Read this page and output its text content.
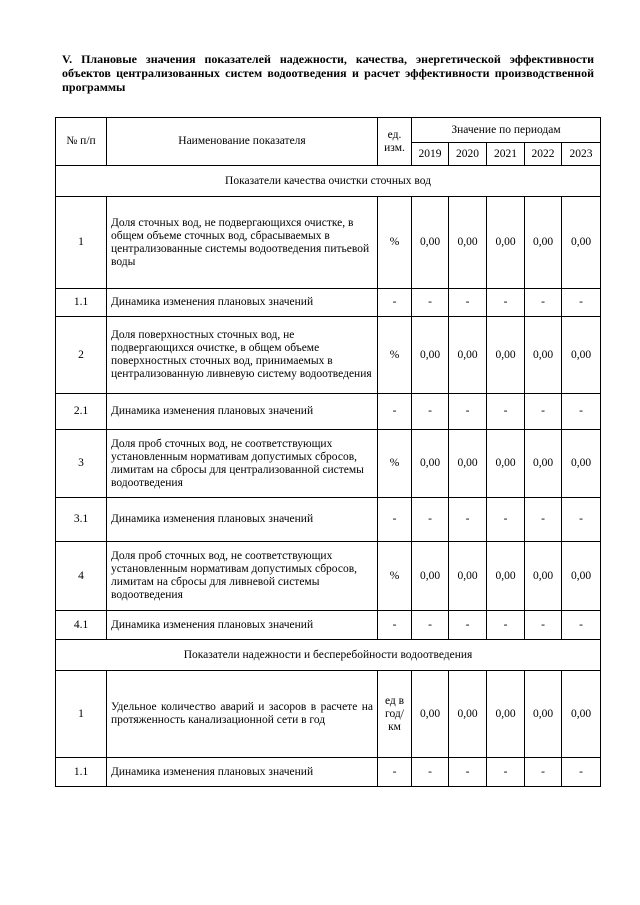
V. Плановые значения показателей надежности, качества, энергетической эффективности объектов централизованных систем водоотведения и расчет эффективности производственной программы
№ п/п	Наименование показателя	ед. изм.	Значение по периодам				
			2019	2020	2021	2022	2023
Показатели качества очистки сточных вод							
1	Доля сточных вод, не подвергающихся очистке, в общем объеме сточных вод, сбрасываемых в централизованные системы водоотведения питьевой воды	%	0,00	0,00	0,00	0,00	0,00
1.1	Динамика изменения плановых значений	-	-	-	-	-	-
2	Доля поверхностных сточных вод, не подвергающихся очистке, в общем объеме поверхностных сточных вод, принимаемых в централизованную ливневую систему водоотведения	%	0,00	0,00	0,00	0,00	0,00
2.1	Динамика изменения плановых значений	-	-	-	-	-	-
3	Доля проб сточных вод, не соответствующих установленным нормативам допустимых сбросов, лимитам на сбросы для централизованной системы водоотведения	%	0,00	0,00	0,00	0,00	0,00
3.1	Динамика изменения плановых значений	-	-	-	-	-	-
4	Доля проб сточных вод, не соответствующих установленным нормативам допустимых сбросов, лимитам на сбросы для ливневой системы водоотведения	%	0,00	0,00	0,00	0,00	0,00
4.1	Динамика изменения плановых значений	-	-	-	-	-	-
Показатели надежности и бесперебойности водоотведения							
1	Удельное количество аварий и засоров в расчете на протяженность канализационной сети в год	ед в год/ км	0,00	0,00	0,00	0,00	0,00
1.1	Динамика изменения плановых значений	-	-	-	-	-	-
